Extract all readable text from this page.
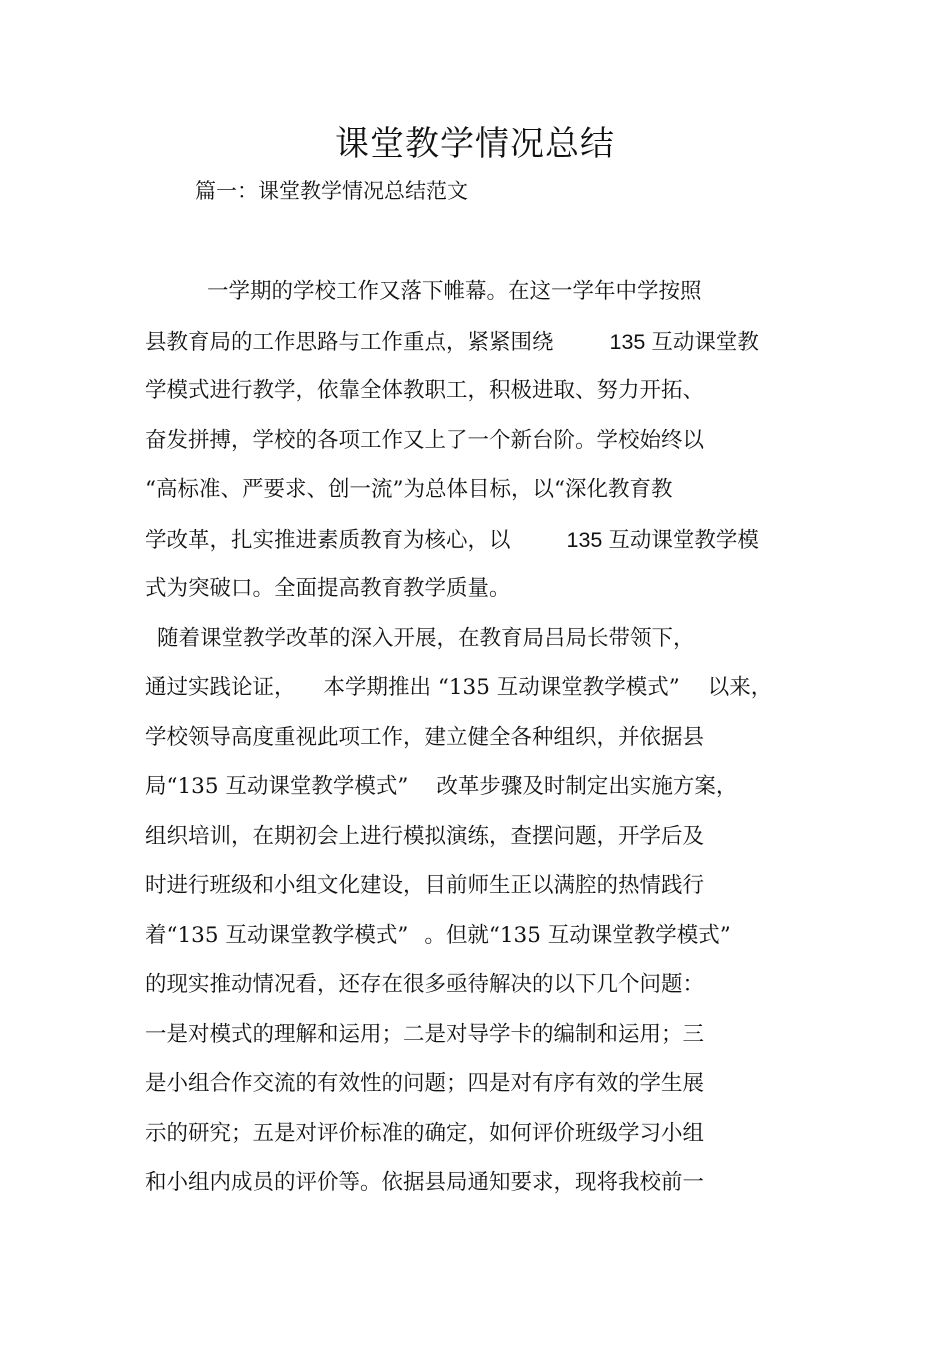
课堂教学情况总结
篇一：课堂教学情况总结范文
一学期的学校工作又落下帷幕。在这一学年中学按照
县教育局的工作思路与工作重点，紧紧围绕	135 互动课堂教
学模式进行教学，依靠全体教职工，积极进取、努力开拓、
奋发拼搏，学校的各项工作又上了一个新台阶。学校始终以
“高标准、严要求、创一流”为总体目标，以“深化教育教
学改革，扎实推进素质教育为核心，以	135 互动课堂教学模
式为突破口。全面提高教育教学质量。
随着课堂教学改革的深入开展，在教育局吕局长带领下，
通过实践论证， 本学期推出 “135 互动课堂教学模式” 以来，
学校领导高度重视此项工作，建立健全各种组织，并依据县
局“135 互动课堂教学模式” 改革步骤及时制定出实施方案，
组织培训，在期初会上进行模拟演练，查摆问题，开学后及
时进行班级和小组文化建设，目前师生正以满腔的热情践行
着“135 互动课堂教学模式” 。但就“135 互动课堂教学模式”
的现实推动情况看，还存在很多亟待解决的以下几个问题：
一是对模式的理解和运用；二是对导学卡的编制和运用；三
是小组合作交流的有效性的问题；四是对有序有效的学生展
示的研究；五是对评价标准的确定，如何评价班级学习小组
和小组内成员的评价等。依据县局通知要求，现将我校前一
